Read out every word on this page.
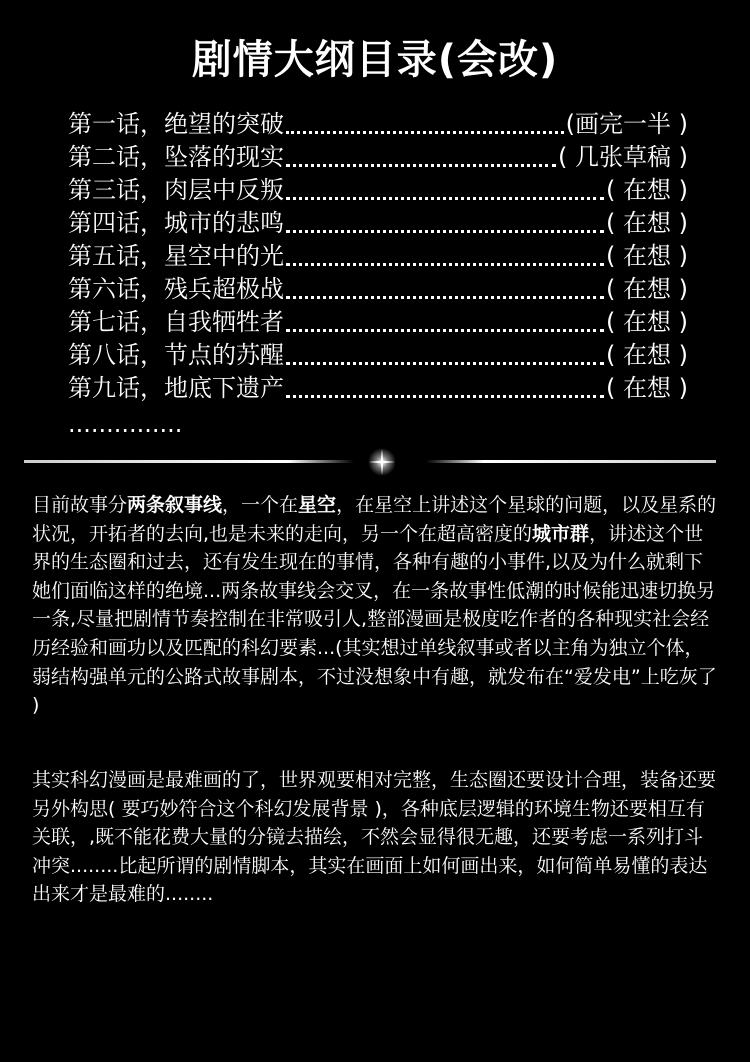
剧情大纲目录(会改)
第一话，绝望的突破	(画完一半 )
第二话，坠落的现实	( 几张草稿 )
第三话，肉层中反叛	( 在想 )
第四话，城市的悲鸣	( 在想 )
第五话，星空中的光	( 在想 )
第六话，残兵超极战	( 在想 )
第七话，自我牺牲者	( 在想 )
第八话，节点的苏醒	( 在想 )
第九话，地底下遗产	( 在想 )
...............
目前故事分两条叙事线，一个在星空，在星空上讲述这个星球的问题，以及星系的状况，开拓者的去向,也是未来的走向，另一个在超高密度的城市群，讲述这个世界的生态圈和过去，还有发生现在的事情，各种有趣的小事件,以及为什么就剩下她们面临这样的绝境...两条故事线会交叉，在一条故事性低潮的时候能迅速切换另一条,尽量把剧情节奏控制在非常吸引人,整部漫画是极度吃作者的各种现实社会经历经验和画功以及匹配的科幻要素...(其实想过单线叙事或者以主角为独立个体，弱结构强单元的公路式故事剧本，不过没想象中有趣，就发布在“爱发电”上吃灰了 )
其实科幻漫画是最难画的了，世界观要相对完整，生态圈还要设计合理，装备还要另外构思( 要巧妙符合这个科幻发展背景 )，各种底层逻辑的环境生物还要相互有关联，,既不能花费大量的分镜去描绘，不然会显得很无趣，还要考虑一系列打斗冲突........比起所谓的剧情脚本，其实在画面上如何画出来，如何简单易懂的表达出来才是最难的........
